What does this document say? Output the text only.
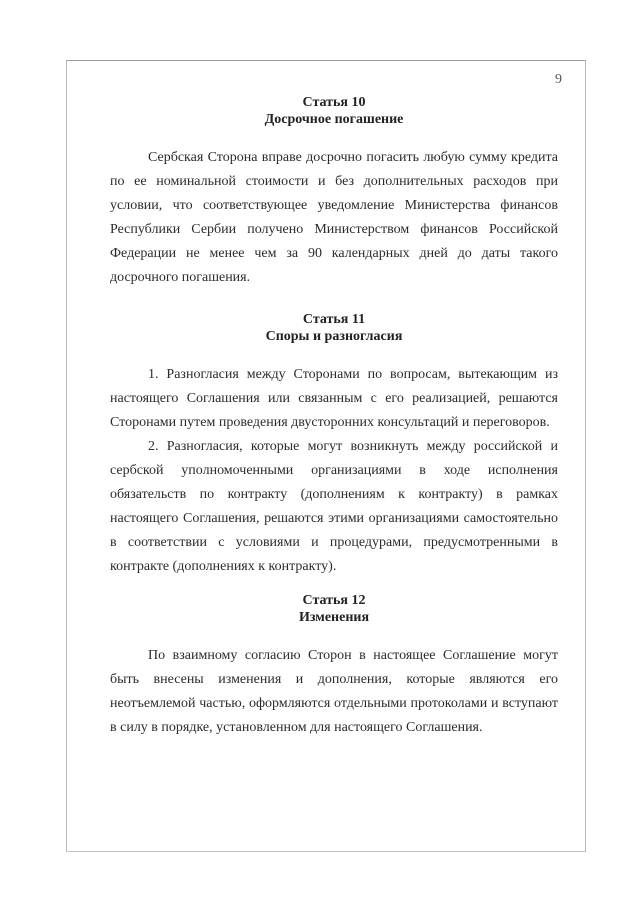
9
Статья 10
Досрочное погашение

Сербская Сторона вправе досрочно погасить любую сумму кредита по ее номинальной стоимости и без дополнительных расходов при условии, что соответствующее уведомление Министерства финансов Республики Сербии получено Министерством финансов Российской Федерации не менее чем за 90 календарных дней до даты такого досрочного погашения.

Статья 11
Споры и разногласия

1. Разногласия между Сторонами по вопросам, вытекающим из настоящего Соглашения или связанным с его реализацией, решаются Сторонами путем проведения двусторонних консультаций и переговоров.

2. Разногласия, которые могут возникнуть между российской и сербской уполномоченными организациями в ходе исполнения обязательств по контракту (дополнениям к контракту) в рамках настоящего Соглашения, решаются этими организациями самостоятельно в соответствии с условиями и процедурами, предусмотренными в контракте (дополнениях к контракту).

Статья 12
Изменения

По взаимному согласию Сторон в настоящее Соглашение могут быть внесены изменения и дополнения, которые являются его неотъемлемой частью, оформляются отдельными протоколами и вступают в силу в порядке, установленном для настоящего Соглашения.
